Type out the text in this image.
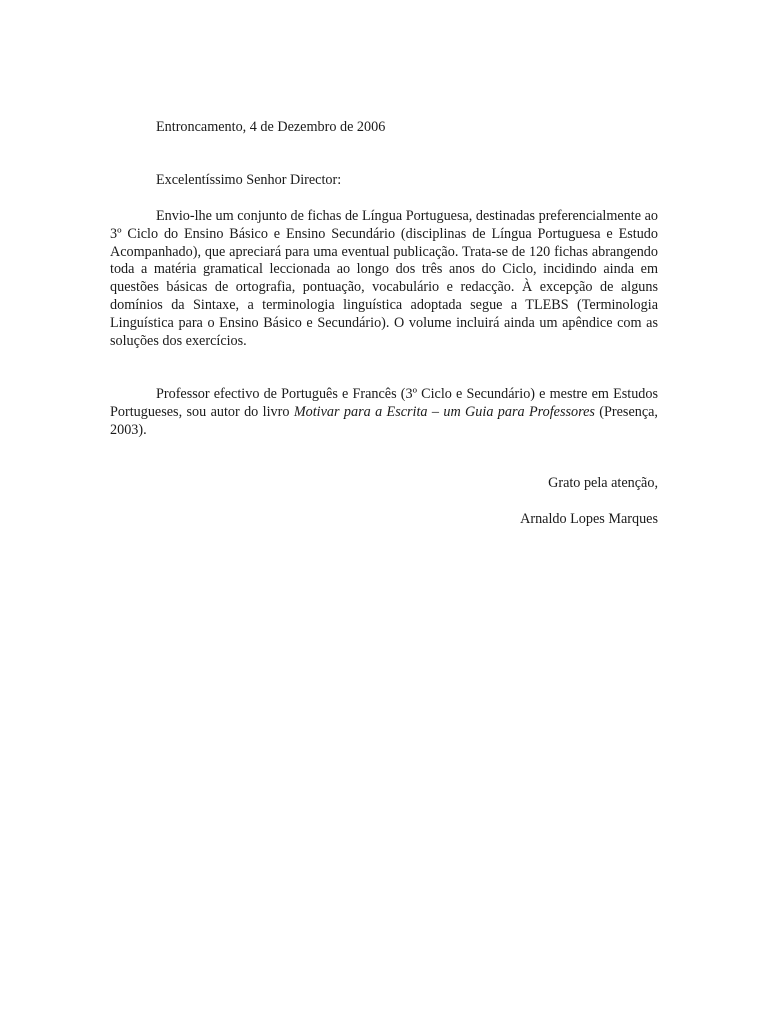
Entroncamento, 4 de Dezembro de 2006
Excelentíssimo Senhor Director:
Envio-lhe um conjunto de fichas de Língua Portuguesa, destinadas preferencialmente ao 3º Ciclo do Ensino Básico e Ensino Secundário (disciplinas de Língua Portuguesa e Estudo Acompanhado), que apreciará para uma eventual publicação. Trata-se de 120 fichas abrangendo toda a matéria gramatical leccionada ao longo dos três anos do Ciclo, incidindo ainda em questões básicas de ortografia, pontuação, vocabulário e redacção. À excepção de alguns domínios da Sintaxe, a terminologia linguística adoptada segue a TLEBS (Terminologia Linguística para o Ensino Básico e Secundário). O volume incluirá ainda um apêndice com as soluções dos exercícios.
Professor efectivo de Português e Francês (3º Ciclo e Secundário) e mestre em Estudos Portugueses, sou autor do livro Motivar para a Escrita – um Guia para Professores (Presença, 2003).
Grato pela atenção,
Arnaldo Lopes Marques
